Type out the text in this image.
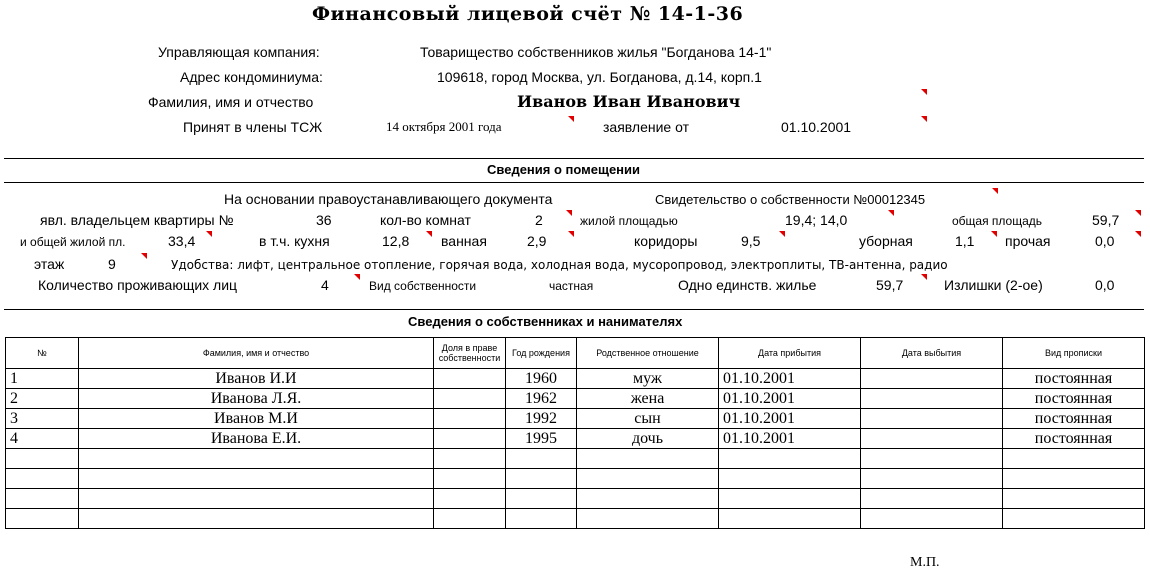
Финансовый лицевой счёт № 14-1-36
Управляющая компания:	Товарищество собственников жилья "Богданова 14-1"
Адрес кондоминиума:	109618, город Москва, ул. Богданова, д.14, корп.1
Фамилия, имя и отчество	Иванов Иван Иванович
Принят в члены ТСЖ	14 октября 2001 года	заявление от	01.10.2001
Сведения о помещении
На основании правоустанавливающего документа	Свидетельство о собственности №00012345
явл. владельцем квартиры №	36	кол-во комнат	2	жилой площадью	19,4; 14,0	общая площадь	59,7
и общей жилой пл.	33,4	в т.ч. кухня	12,8 ванная	2,9	коридоры	9,5	уборная	1,1 прочая	0,0
этаж	9	Удобства: лифт, центральное отопление, горячая вода, холодная вода, мусоропровод, электроплиты, ТВ-антенна, радио
Количество проживающих лиц	4	Вид собственности	частная	Одно единств. жилье	59,7	Излишки (2-ое)	0,0
Сведения о собственниках и нанимателях
№	Фамилия, имя и отчество	Доля в праве собственности	Год рождения	Родственное отношение	Дата прибытия	Дата выбытия	Вид прописки
1	Иванов И.И		1960	муж	01.10.2001		постоянная
2	Иванова Л.Я.		1962	жена	01.10.2001		постоянная
3	Иванов М.И		1992	сын	01.10.2001		постоянная
4	Иванова Е.И.		1995	дочь	01.10.2001		постоянная

М.П.
